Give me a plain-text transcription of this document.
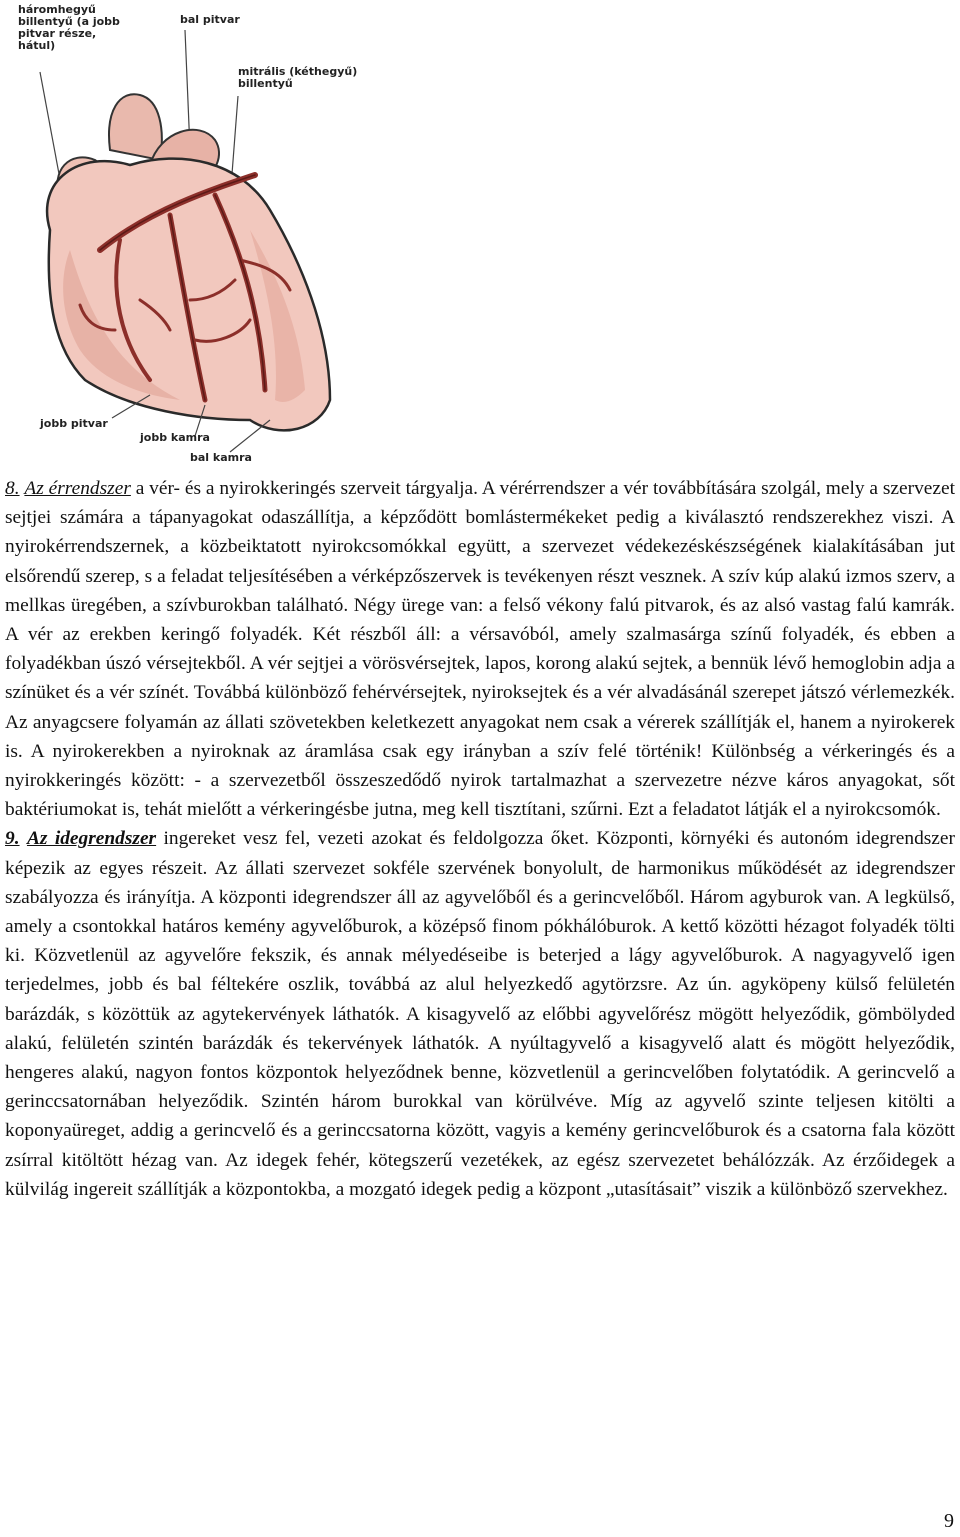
háromhegyű
billentyű (a jobb
pitvar része,
hátul)
bal pitvar
mitrális (kéthegyű)
billentyű
jobb pitvar
jobb kamra
bal kamra

8. Az érrendszer a vér- és a nyirokkeringés szerveit tárgyalja. A vérérrendszer a vér továbbítására szolgál, mely a szervezet sejtjei számára a tápanyagokat odaszállítja, a képződött bomlástermékeket pedig a kiválasztó rendszerekhez viszi. A nyirokérrendszernek, a közbeiktatott nyirokcsomókkal együtt, a szervezet védekezéskészségének kialakításában jut elsőrendű szerep, s a feladat teljesítésében a vérképzőszervek is tevékenyen részt vesznek. A szív kúp alakú izmos szerv, a mellkas üregében, a szívburokban található. Négy ürege van: a felső vékony falú pitvarok, és az alsó vastag falú kamrák. A vér az erekben keringő folyadék. Két részből áll: a vérsavóból, amely szalmasárga színű folyadék, és ebben a folyadékban úszó vérsejtekből. A vér sejtjei a vörösvérsejtek, lapos, korong alakú sejtek, a bennük lévő hemoglobin adja a színüket és a vér színét. Továbbá különböző fehérvérsejtek, nyiroksejtek és a vér alvadásánál szerepet játszó vérlemezkék. Az anyagcsere folyamán az állati szövetekben keletkezett anyagokat nem csak a vérerek szállítják el, hanem a nyirokerek is. A nyirokerekben a nyiroknak az áramlása csak egy irányban a szív felé történik! Különbség a vérkeringés és a nyirokkeringés között: - a szervezetből összeszedődő nyirok tartalmazhat a szervezetre nézve káros anyagokat, sőt baktériumokat is, tehát mielőtt a vérkeringésbe jutna, meg kell tisztítani, szűrni. Ezt a feladatot látják el a nyirokcsomók.

9. Az idegrendszer ingereket vesz fel, vezeti azokat és feldolgozza őket. Központi, környéki és autonóm idegrendszer képezik az egyes részeit. Az állati szervezet sokféle szervének bonyolult, de harmonikus működését az idegrendszer szabályozza és irányítja. A központi idegrendszer áll az agyvelőből és a gerincvelőből. Három agyburok van. A legkülső, amely a csontokkal határos kemény agyvelőburok, a középső finom pókhálóburok. A kettő közötti hézagot folyadék tölti ki. Közvetlenül az agyvelőre fekszik, és annak mélyedéseibe is beterjed a lágy agyvelőburok. A nagyagyvelő igen terjedelmes, jobb és bal féltekére oszlik, továbbá az alul helyezkedő agytörzsre. Az ún. agyköpeny külső felületén barázdák, s közöttük az agytekervények láthatók. A kisagyvelő az előbbi agyvelőrész mögött helyeződik, gömbölyded alakú, felületén szintén barázdák és tekervények láthatók. A nyúltagyvelő a kisagyvelő alatt és mögött helyeződik, hengeres alakú, nagyon fontos központok helyeződnek benne, közvetlenül a gerincvelőben folytatódik. A gerincvelő a gerinccsatornában helyeződik. Szintén három burokkal van körülvéve. Míg az agyvelő szinte teljesen kitölti a koponyaüreget, addig a gerincvelő és a gerinccsatorna között, vagyis a kemény gerincvelőburok és a csatorna fala között zsírral kitöltött hézag van. Az idegek fehér, kötegszerű vezetékek, az egész szervezetet behálózzák. Az érzőidegek a külvilág ingereit szállítják a központokba, a mozgató idegek pedig a központ „utasításait” viszik a különböző szervekhez.

9
